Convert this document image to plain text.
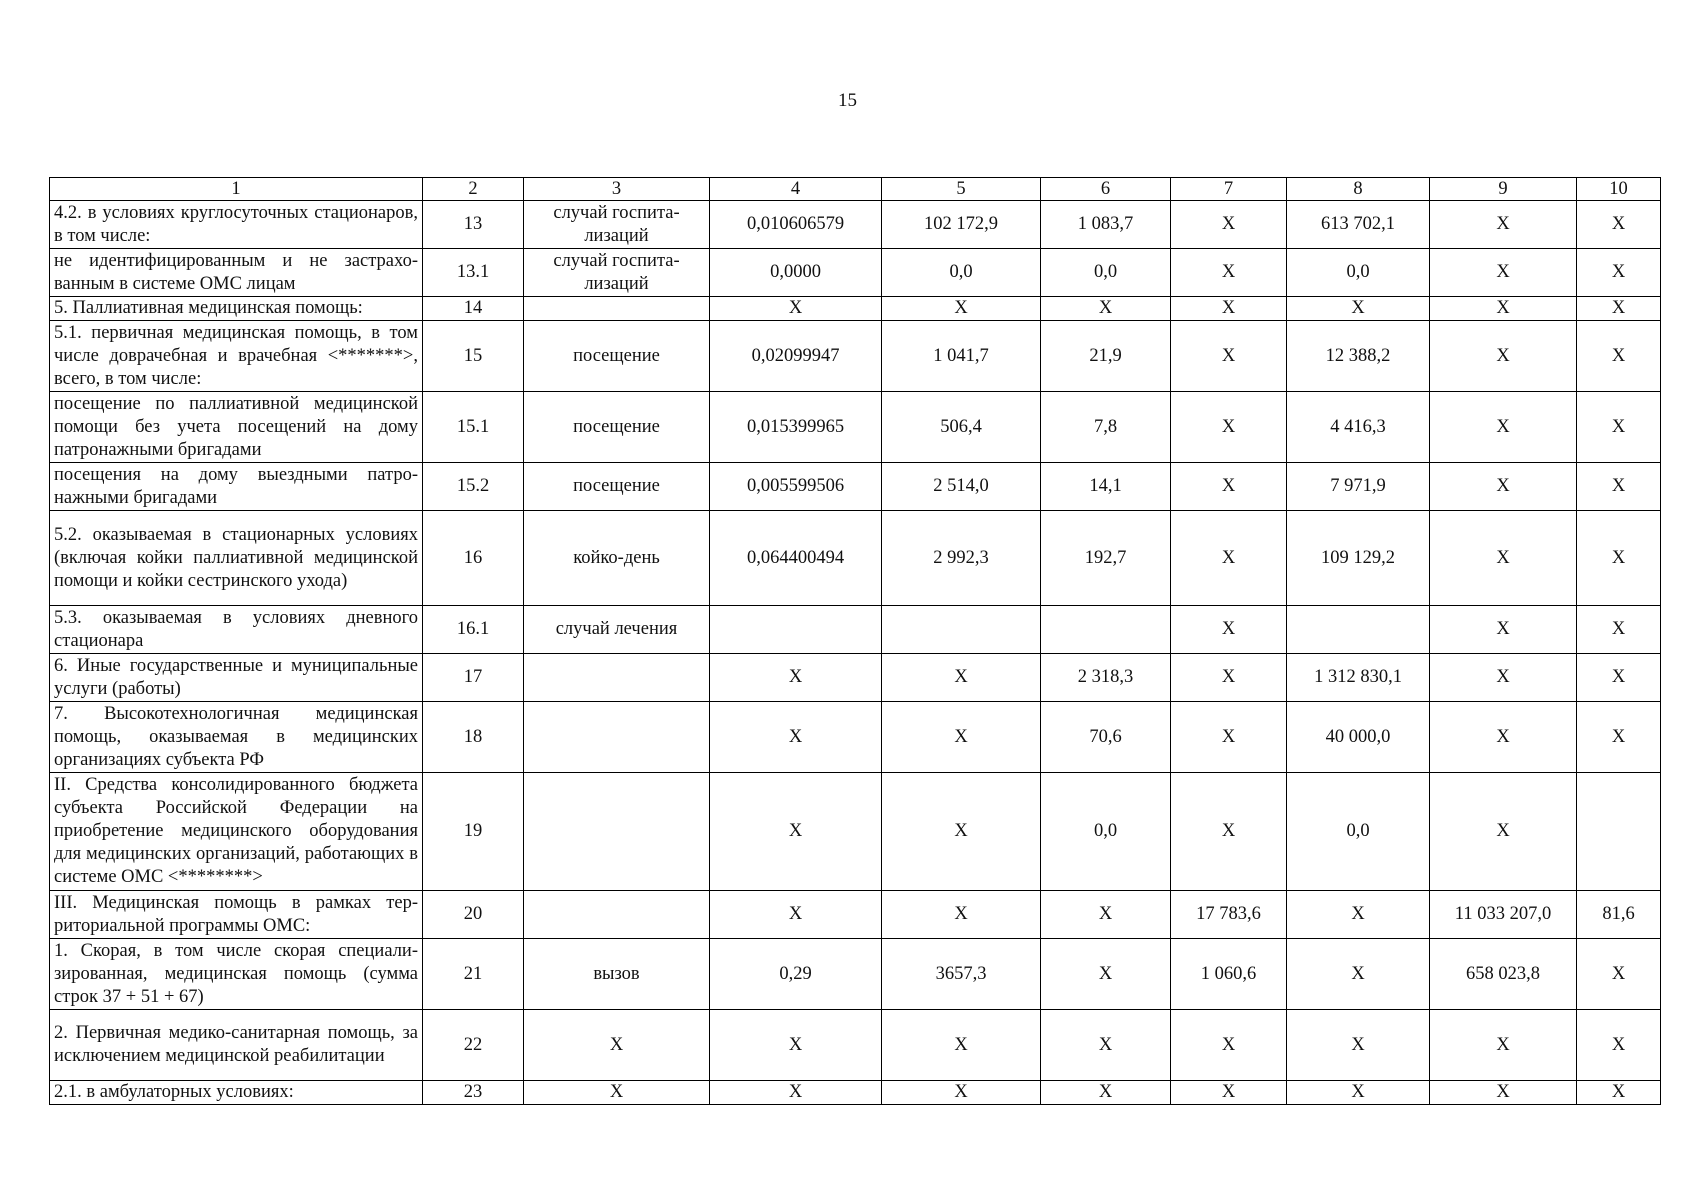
15
1	2	3	4	5	6	7	8	9	10
4.2. в условиях круглосуточных стационаров, в том числе:	13	случай госпита-лизаций	0,010606579	102 172,9	1 083,7	X	613 702,1	X	X
не идентифицированным и не застрахованным в системе ОМС лицам	13.1	случай госпита-лизаций	0,0000	0,0	0,0	X	0,0	X	X
5. Паллиативная медицинская помощь:	14		X	X	X	X	X	X	X
5.1. первичная медицинская помощь, в том числе доврачебная и врачебная <*******>, всего, в том числе:	15	посещение	0,02099947	1 041,7	21,9	X	12 388,2	X	X
посещение по паллиативной медицинской помощи без учета посещений на дому патронажными бригадами	15.1	посещение	0,015399965	506,4	7,8	X	4 416,3	X	X
посещения на дому выездными патронажными бригадами	15.2	посещение	0,005599506	2 514,0	14,1	X	7 971,9	X	X
5.2. оказываемая в стационарных условиях (включая койки паллиативной медицинской помощи и койки сестринского ухода)	16	койко-день	0,064400494	2 992,3	192,7	X	109 129,2	X	X
5.3. оказываемая в условиях дневного стационара	16.1	случай лечения				X		X	X
6. Иные государственные и муниципальные услуги (работы)	17		X	X	2 318,3	X	1 312 830,1	X	X
7. Высокотехнологичная медицинская помощь, оказываемая в медицинских организациях субъекта РФ	18		X	X	70,6	X	40 000,0	X	X
II. Средства консолидированного бюджета субъекта Российской Федерации на приобретение медицинского оборудования для медицинских организаций, работающих в системе ОМС <********>	19		X	X	0,0	X	0,0	X	
III. Медицинская помощь в рамках территориальной программы ОМС:	20		X	X	X	17 783,6	X	11 033 207,0	81,6
1. Скорая, в том числе скорая специализированная, медицинская помощь (сумма строк 37 + 51 + 67)	21	вызов	0,29	3657,3	X	1 060,6	X	658 023,8	X
2. Первичная медико-санитарная помощь, за исключением медицинской реабилитации	22	X	X	X	X	X	X	X	X
2.1. в амбулаторных условиях:	23	X	X	X	X	X	X	X	X
